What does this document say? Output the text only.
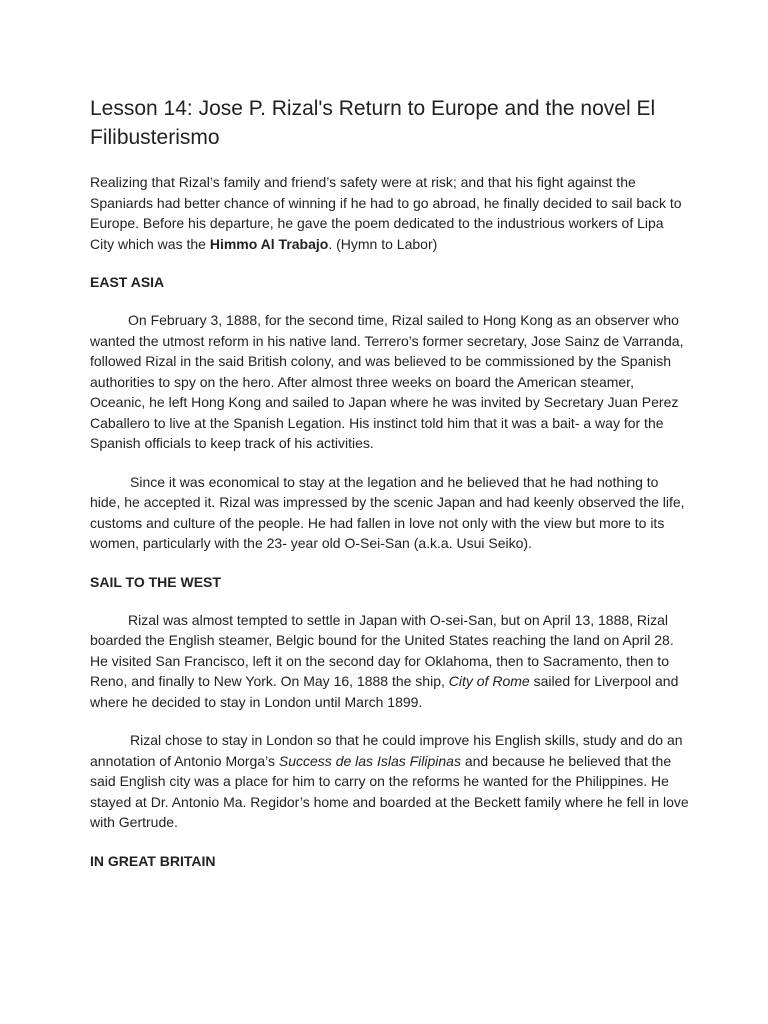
Lesson 14: Jose P. Rizal's Return to Europe and the novel El Filibusterismo

Realizing that Rizal’s family and friend’s safety were at risk; and that his fight against the Spaniards had better chance of winning if he had to go abroad, he finally decided to sail back to Europe. Before his departure, he gave the poem dedicated to the industrious workers of Lipa City which was the Himmo Al Trabajo. (Hymn to Labor)

EAST ASIA

On February 3, 1888, for the second time, Rizal sailed to Hong Kong as an observer who wanted the utmost reform in his native land. Terrero’s former secretary, Jose Sainz de Varranda, followed Rizal in the said British colony, and was believed to be commissioned by the Spanish authorities to spy on the hero. After almost three weeks on board the American steamer, Oceanic, he left Hong Kong and sailed to Japan where he was invited by Secretary Juan Perez Caballero to live at the Spanish Legation. His instinct told him that it was a bait- a way for the Spanish officials to keep track of his activities.

Since it was economical to stay at the legation and he believed that he had nothing to hide, he accepted it. Rizal was impressed by the scenic Japan and had keenly observed the life, customs and culture of the people. He had fallen in love not only with the view but more to its women, particularly with the 23- year old O-Sei-San (a.k.a. Usui Seiko).

SAIL TO THE WEST

Rizal was almost tempted to settle in Japan with O-sei-San, but on April 13, 1888, Rizal boarded the English steamer, Belgic bound for the United States reaching the land on April 28. He visited San Francisco, left it on the second day for Oklahoma, then to Sacramento, then to Reno, and finally to New York. On May 16, 1888 the ship, City of Rome sailed for Liverpool and where he decided to stay in London until March 1899.

Rizal chose to stay in London so that he could improve his English skills, study and do an annotation of Antonio Morga’s Success de las Islas Filipinas and because he believed that the said English city was a place for him to carry on the reforms he wanted for the Philippines. He stayed at Dr. Antonio Ma. Regidor’s home and boarded at the Beckett family where he fell in love with Gertrude.

IN GREAT BRITAIN
